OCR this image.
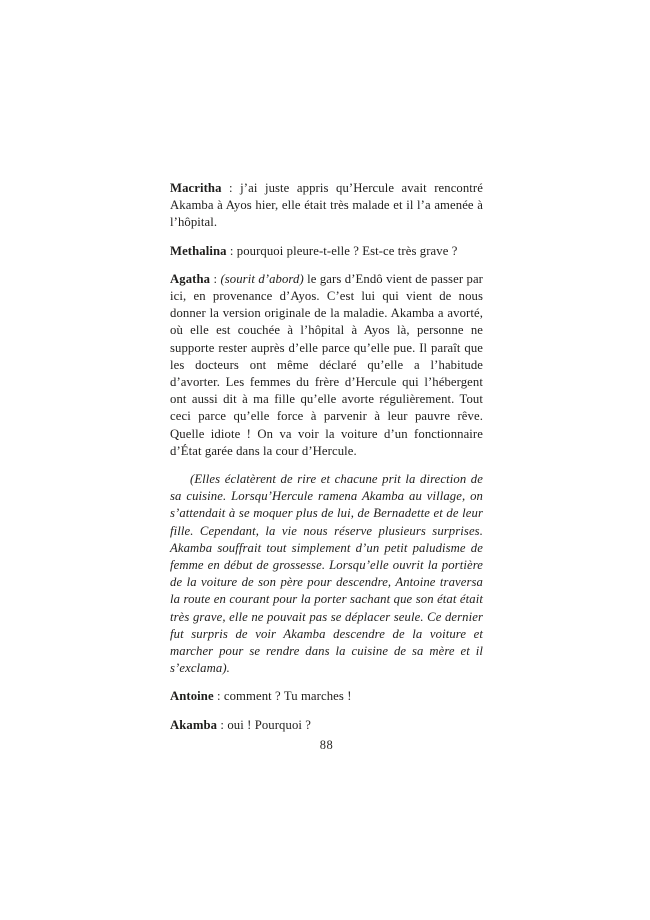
Macritha : j’ai juste appris qu’Hercule avait rencontré Akamba à Ayos hier, elle était très malade et il l’a amenée à l’hôpital.

Methalina : pourquoi pleure-t-elle ? Est-ce très grave ?

Agatha : (sourit d’abord) le gars d’Endô vient de passer par ici, en provenance d’Ayos. C’est lui qui vient de nous donner la version originale de la maladie. Akamba a avorté, où elle est couchée à l’hôpital à Ayos là, personne ne supporte rester auprès d’elle parce qu’elle pue. Il paraît que les docteurs ont même déclaré qu’elle a l’habitude d’avorter. Les femmes du frère d’Hercule qui l’hébergent ont aussi dit à ma fille qu’elle avorte régulièrement. Tout ceci parce qu’elle force à parvenir à leur pauvre rêve. Quelle idiote ! On va voir la voiture d’un fonctionnaire d’État garée dans la cour d’Hercule.

(Elles éclatèrent de rire et chacune prit la direction de sa cuisine. Lorsqu’Hercule ramena Akamba au village, on s’attendait à se moquer plus de lui, de Bernadette et de leur fille. Cependant, la vie nous réserve plusieurs surprises. Akamba souffrait tout simplement d’un petit paludisme de femme en début de grossesse. Lorsqu’elle ouvrit la portière de la voiture de son père pour descendre, Antoine traversa la route en courant pour la porter sachant que son état était très grave, elle ne pouvait pas se déplacer seule. Ce dernier fut surpris de voir Akamba descendre de la voiture et marcher pour se rendre dans la cuisine de sa mère et il s’exclama).

Antoine : comment ? Tu marches !

Akamba : oui ! Pourquoi ?

88
